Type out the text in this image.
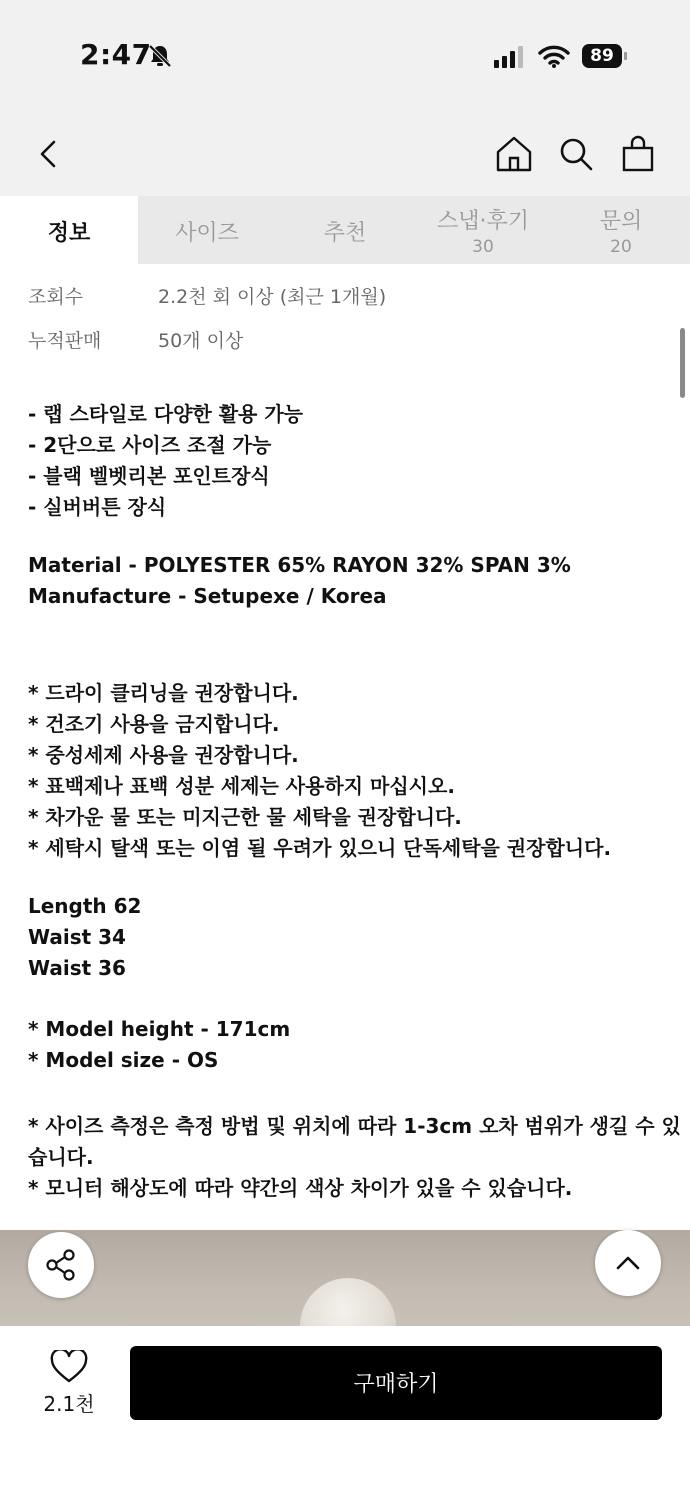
2:47	89
정보	사이즈	추천	스냅·후기
30
문의
20
조회수	2.2천 회 이상 (최근 1개월)
누적판매	50개 이상
- 랩 스타일로 다양한 활용 가능
- 2단으로 사이즈 조절 가능
- 블랙 벨벳리본 포인트장식
- 실버버튼 장식
Material - POLYESTER 65% RAYON 32% SPAN 3%
Manufacture - Setupexe / Korea
* 드라이 클리닝을 권장합니다.
* 건조기 사용을 금지합니다.
* 중성세제 사용을 권장합니다.
* 표백제나 표백 성분 세제는 사용하지 마십시오.
* 차가운 물 또는 미지근한 물 세탁을 권장합니다.
* 세탁시 탈색 또는 이염 될 우려가 있으니 단독세탁을 권장합니다.
Length 62
Waist 34
Waist 36
* Model height - 171cm
* Model size - OS
* 사이즈 측정은 측정 방법 및 위치에 따라 1-3cm 오차 범위가 생길 수 있
습니다.
* 모니터 해상도에 따라 약간의 색상 차이가 있을 수 있습니다.
2.1천
구매하기
